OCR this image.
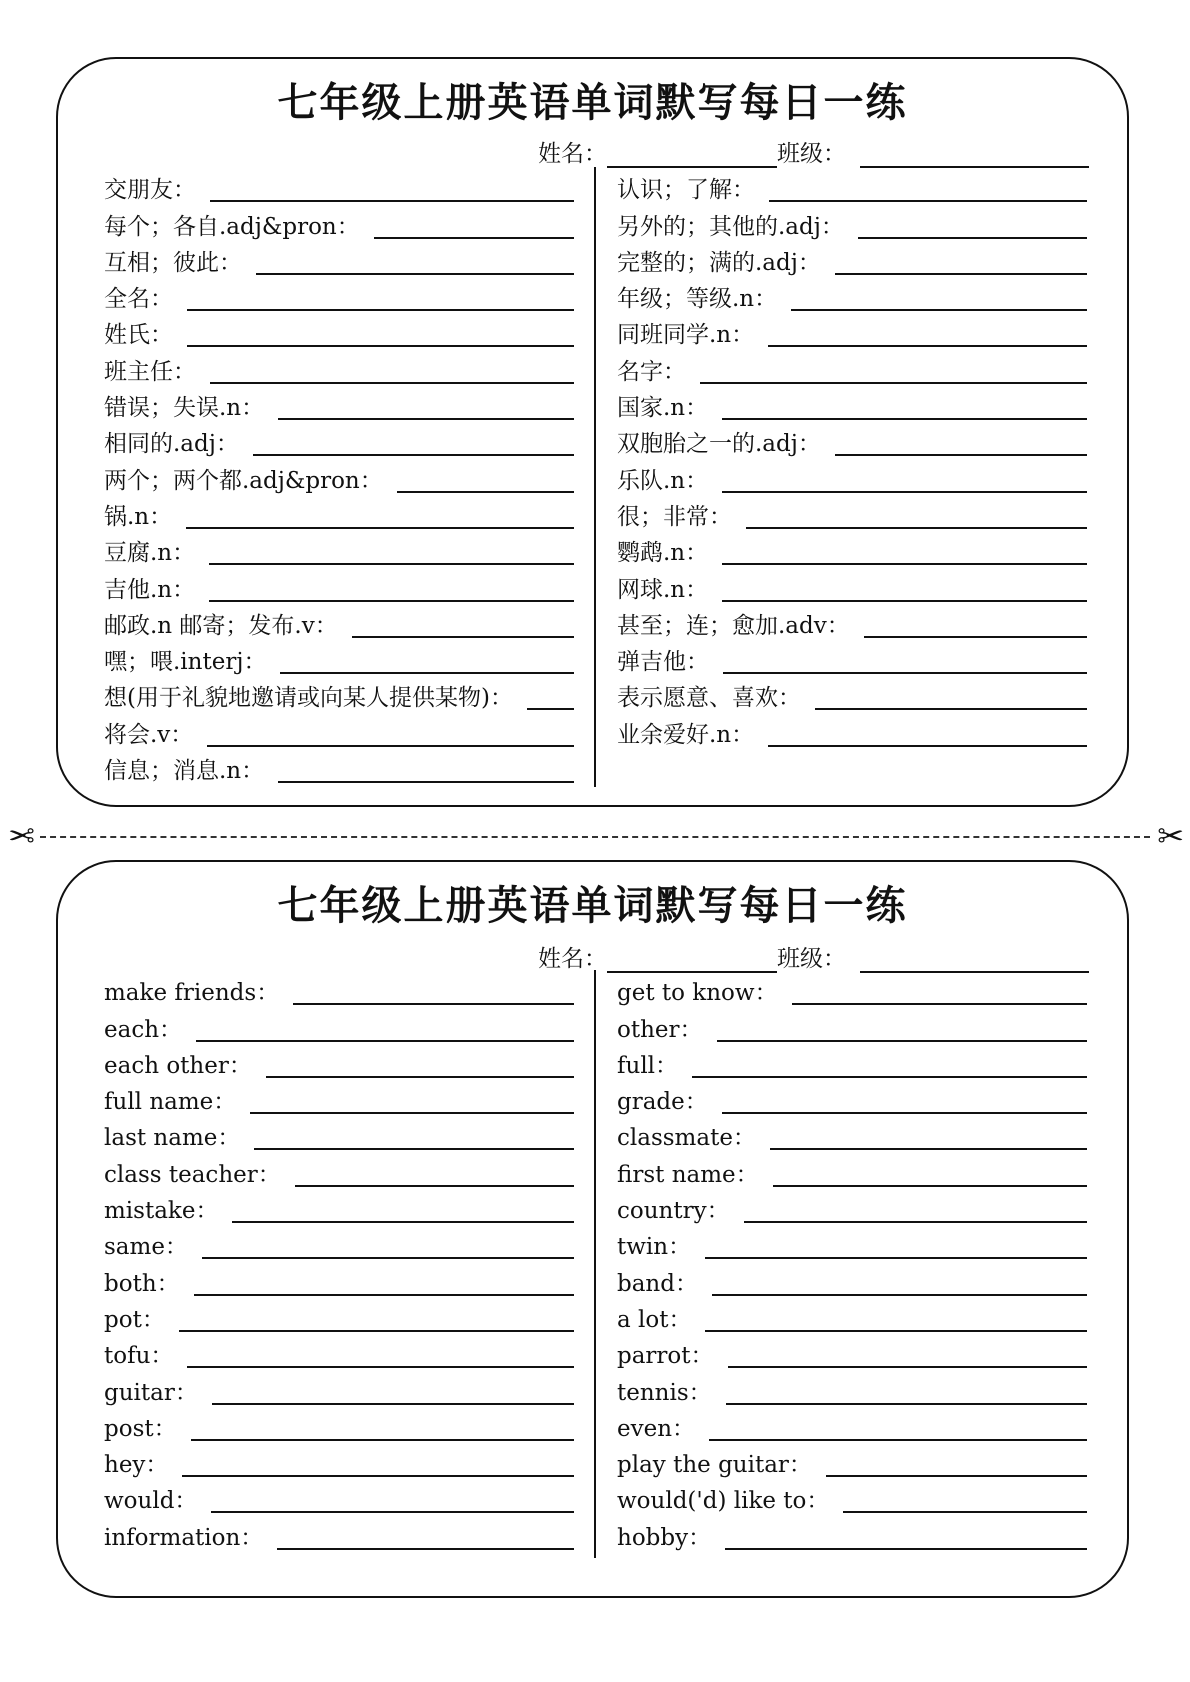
七年级上册英语单词默写每日一练
姓名：	班级：
交朋友：
每个；各自.adj&pron：
互相；彼此：
全名：
姓氏：
班主任：
错误；失误.n：
相同的.adj：
两个；两个都.adj&pron：
锅.n：
豆腐.n：
吉他.n：
邮政.n 邮寄；发布.v：
嘿；喂.interj：
想(用于礼貌地邀请或向某人提供某物)：
将会.v：
信息；消息.n：
认识；了解：
另外的；其他的.adj：
完整的；满的.adj：
年级；等级.n：
同班同学.n：
名字：
国家.n：
双胞胎之一的.adj：
乐队.n：
很；非常：
鹦鹉.n：
网球.n：
甚至；连；愈加.adv：
弹吉他：
表示愿意、喜欢：
业余爱好.n：
✂	✂
七年级上册英语单词默写每日一练
姓名：	班级：
make friends：
each：
each other：
full name：
last name：
class teacher：
mistake：
same：
both：
pot：
tofu：
guitar：
post：
hey：
would：
information：
get to know：
other：
full：
grade：
classmate：
first name：
country：
twin：
band：
a lot：
parrot：
tennis：
even：
play the guitar：
would('d) like to：
hobby：
